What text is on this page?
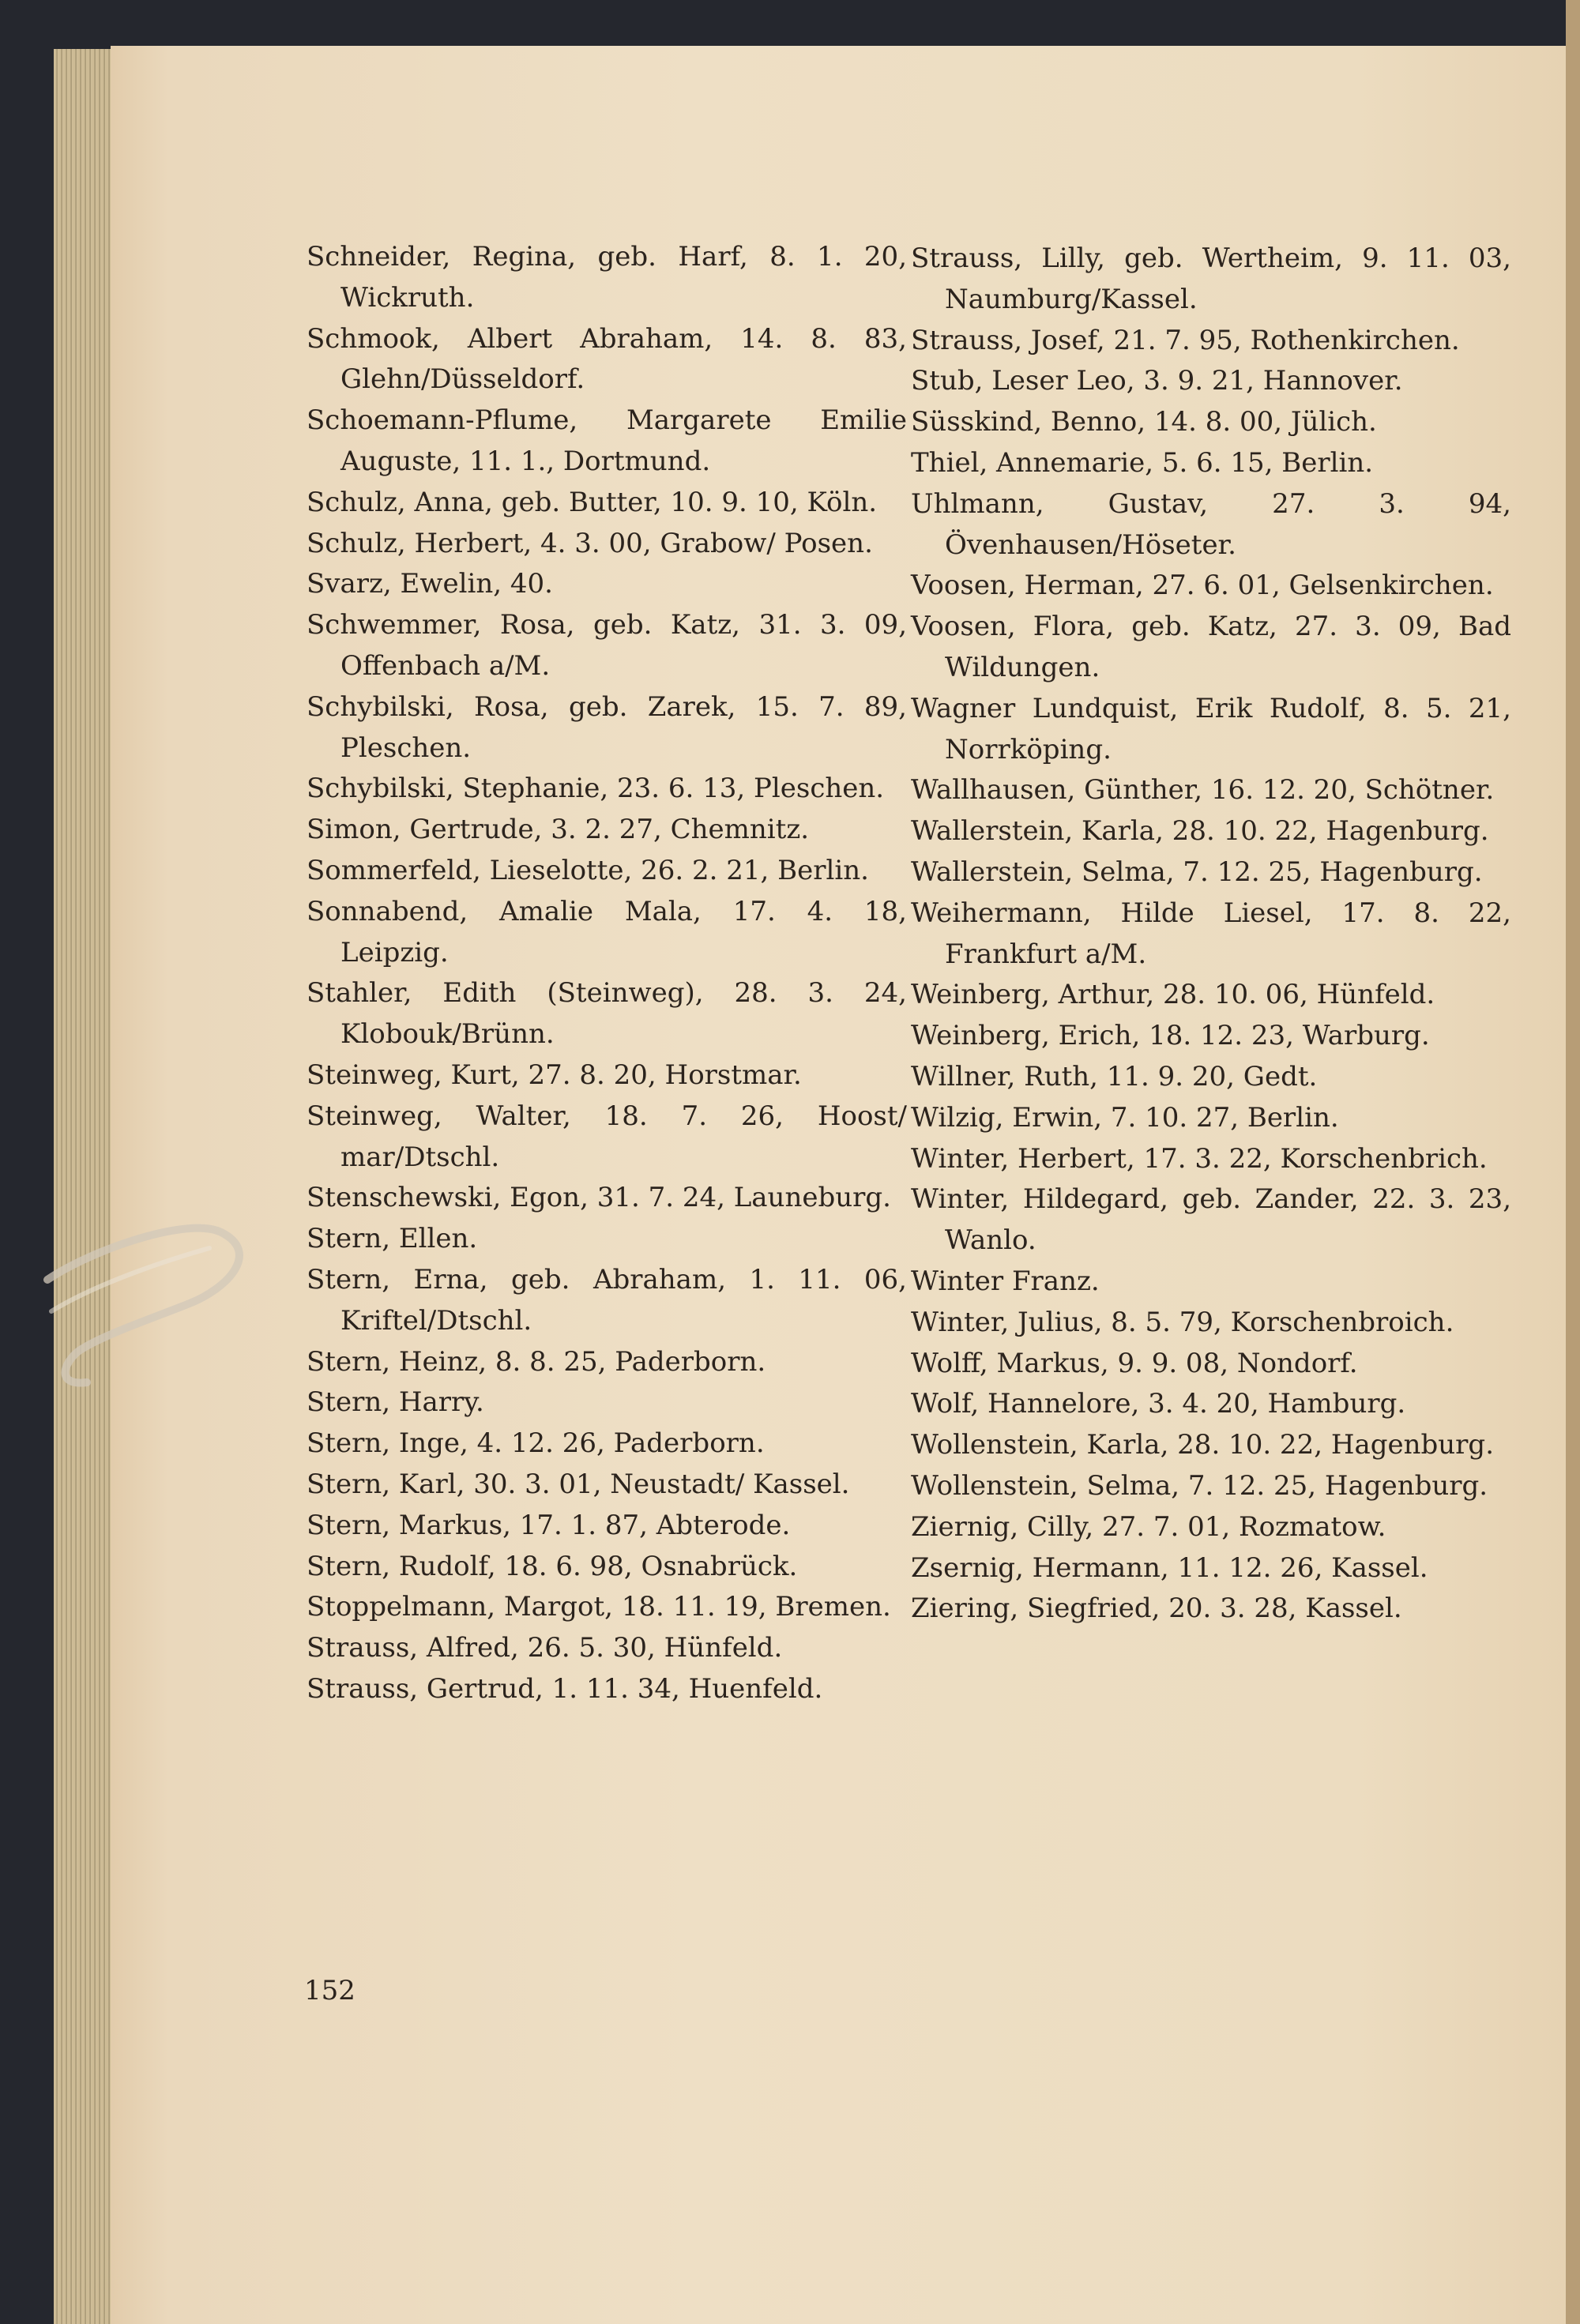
Schneider, Regina, geb. Harf, 8. 1. 20, Wickruth.

Schmook, Albert Abraham, 14. 8. 83, Glehn/Düsseldorf.

Schoemann-Pflume, Margarete Emilie Auguste, 11. 1., Dortmund.

Schulz, Anna, geb. Butter, 10. 9. 10, Köln.

Schulz, Herbert, 4. 3. 00, Grabow/ Posen.

Svarz, Ewelin, 40.

Schwemmer, Rosa, geb. Katz, 31. 3. 09, Offenbach a/M.

Schybilski, Rosa, geb. Zarek, 15. 7. 89, Pleschen.

Schybilski, Stephanie, 23. 6. 13, Pleschen.

Simon, Gertrude, 3. 2. 27, Chemnitz.

Sommerfeld, Lieselotte, 26. 2. 21, Berlin.

Sonnabend, Amalie Mala, 17. 4. 18, Leipzig.

Stahler, Edith (Steinweg), 28. 3. 24, Klobouk/Brünn.

Steinweg, Kurt, 27. 8. 20, Horstmar.

Steinweg, Walter, 18. 7. 26, Hoost/ mar/Dtschl.

Stenschewski, Egon, 31. 7. 24, Launeburg.

Stern, Ellen.

Stern, Erna, geb. Abraham, 1. 11. 06, Kriftel/Dtschl.

Stern, Heinz, 8. 8. 25, Paderborn.

Stern, Harry.

Stern, Inge, 4. 12. 26, Paderborn.

Stern, Karl, 30. 3. 01, Neustadt/ Kassel.

Stern, Markus, 17. 1. 87, Abterode.

Stern, Rudolf, 18. 6. 98, Osnabrück.

Stoppelmann, Margot, 18. 11. 19, Bremen.

Strauss, Alfred, 26. 5. 30, Hünfeld.

Strauss, Gertrud, 1. 11. 34, Huenfeld.

Strauss, Lilly, geb. Wertheim, 9. 11. 03, Naumburg/Kassel.

Strauss, Josef, 21. 7. 95, Rothenkirchen.

Stub, Leser Leo, 3. 9. 21, Hannover.

Süsskind, Benno, 14. 8. 00, Jülich.

Thiel, Annemarie, 5. 6. 15, Berlin.

Uhlmann, Gustav, 27. 3. 94, Övenhausen/Höseter.

Voosen, Herman, 27. 6. 01, Gelsenkirchen.

Voosen, Flora, geb. Katz, 27. 3. 09, Bad Wildungen.

Wagner Lundquist, Erik Rudolf, 8. 5. 21, Norrköping.

Wallhausen, Günther, 16. 12. 20, Schötner.

Wallerstein, Karla, 28. 10. 22, Hagenburg.

Wallerstein, Selma, 7. 12. 25, Hagenburg.

Weihermann, Hilde Liesel, 17. 8. 22, Frankfurt a/M.

Weinberg, Arthur, 28. 10. 06, Hünfeld.

Weinberg, Erich, 18. 12. 23, Warburg.

Willner, Ruth, 11. 9. 20, Gedt.

Wilzig, Erwin, 7. 10. 27, Berlin.

Winter, Herbert, 17. 3. 22, Korschenbrich.

Winter, Hildegard, geb. Zander, 22. 3. 23, Wanlo.

Winter Franz.

Winter, Julius, 8. 5. 79, Korschenbroich.

Wolff, Markus, 9. 9. 08, Nondorf.

Wolf, Hannelore, 3. 4. 20, Hamburg.

Wollenstein, Karla, 28. 10. 22, Hagenburg.

Wollenstein, Selma, 7. 12. 25, Hagenburg.

Ziernig, Cilly, 27. 7. 01, Rozmatow.

Zsernig, Hermann, 11. 12. 26, Kassel.

Ziering, Siegfried, 20. 3. 28, Kassel.

152
